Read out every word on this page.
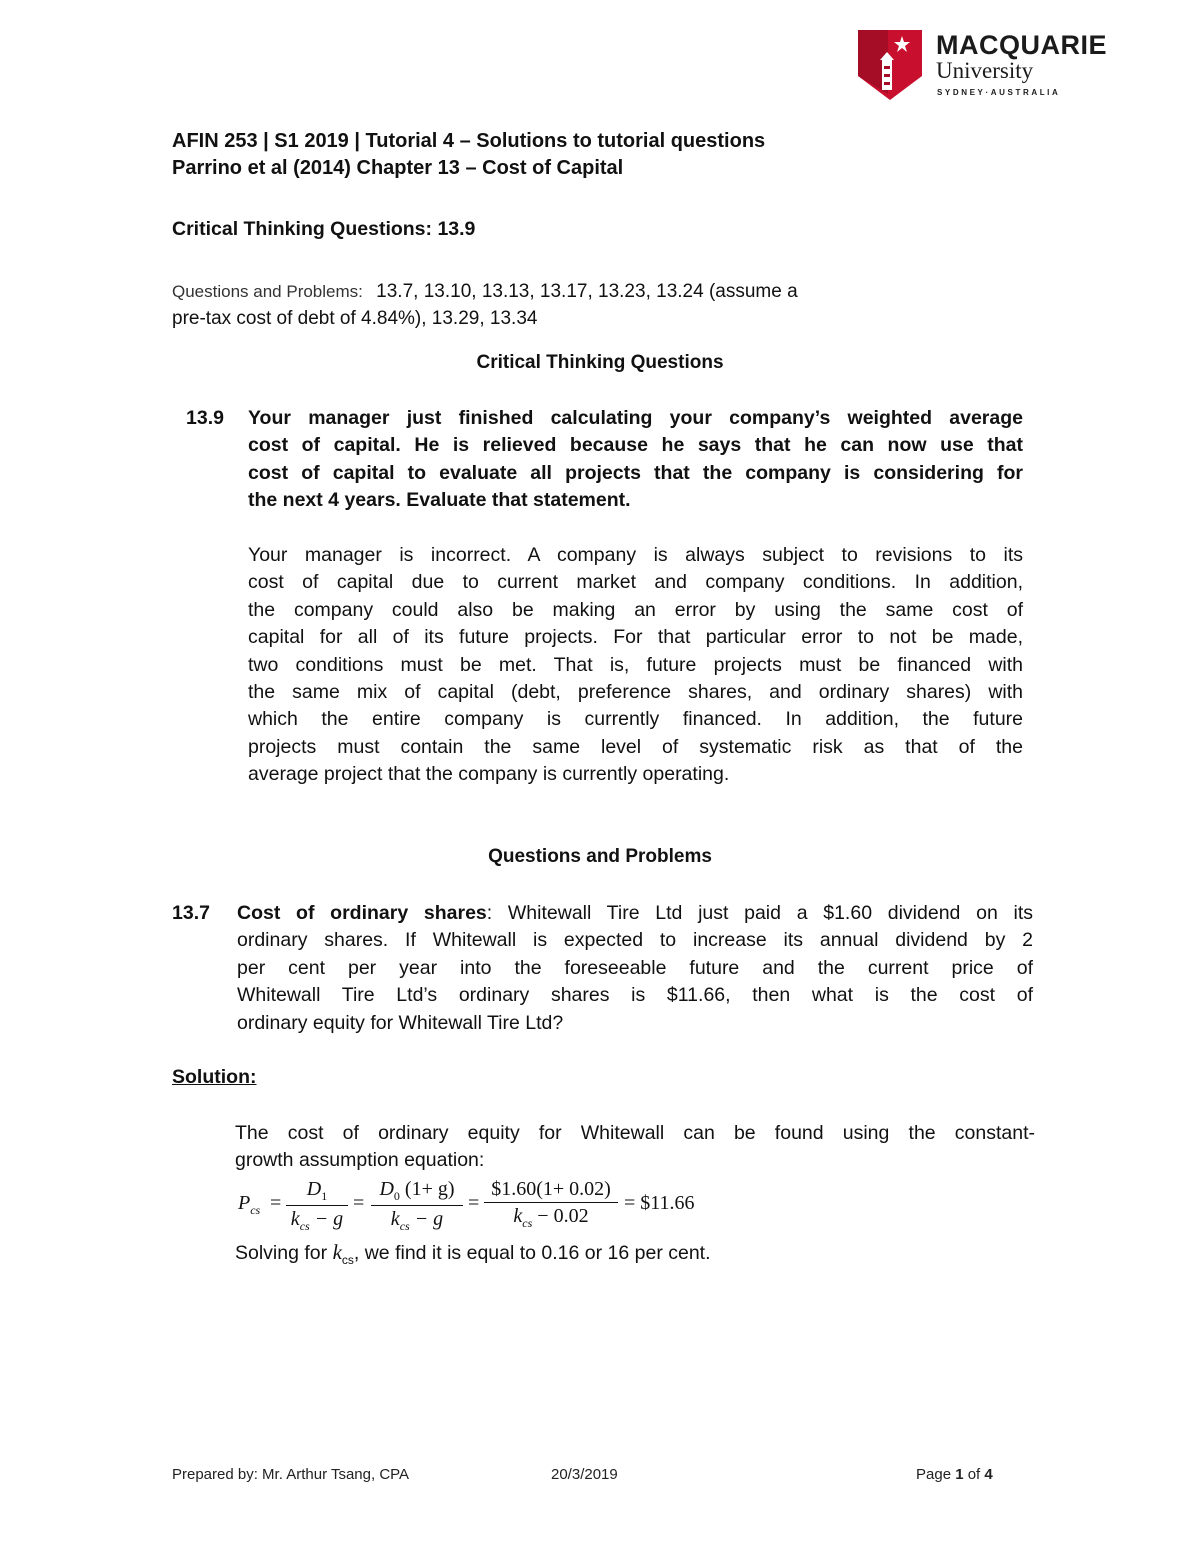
MACQUARIE
University
SYDNEY·AUSTRALIA
AFIN 253 | S1 2019 | Tutorial 4 – Solutions to tutorial questions
Parrino et al (2014) Chapter 13 – Cost of Capital
Critical Thinking Questions: 13.9
Questions and Problems: 13.7, 13.10, 13.13, 13.17, 13.23, 13.24 (assume a
pre-tax cost of debt of 4.84%), 13.29, 13.34
Critical Thinking Questions
13.9 Your manager just finished calculating your company’s weighted average
cost of capital. He is relieved because he says that he can now use that
cost of capital to evaluate all projects that the company is considering for
the next 4 years. Evaluate that statement.
Your manager is incorrect. A company is always subject to revisions to its
cost of capital due to current market and company conditions. In addition,
the company could also be making an error by using the same cost of
capital for all of its future projects. For that particular error to not be made,
two conditions must be met. That is, future projects must be financed with
the same mix of capital (debt, preference shares, and ordinary shares) with
which the entire company is currently financed. In addition, the future
projects must contain the same level of systematic risk as that of the
average project that the company is currently operating.
Questions and Problems
13.7 Cost of ordinary shares: Whitewall Tire Ltd just paid a $1.60 dividend on its
ordinary shares. If Whitewall is expected to increase its annual dividend by 2
per cent per year into the foreseeable future and the current price of
Whitewall Tire Ltd’s ordinary shares is $11.66, then what is the cost of
ordinary equity for Whitewall Tire Ltd?
Solution:
The cost of ordinary equity for Whitewall can be found using the constant-
growth assumption equation:
$P_{cs}$ =
$D_1$
$k_{cs} - g$
=
$D_0$ (1+ g)
$k_{cs} - g$
=
$1.60(1+ 0.02)
$k_{cs} - 0.02$
= $11.66
Solving for $k_{cs}$, we find it is equal to 0.16 or 16 per cent.
Prepared by: Mr. Arthur Tsang, CPA	20/3/2019	Page 1 of 4
